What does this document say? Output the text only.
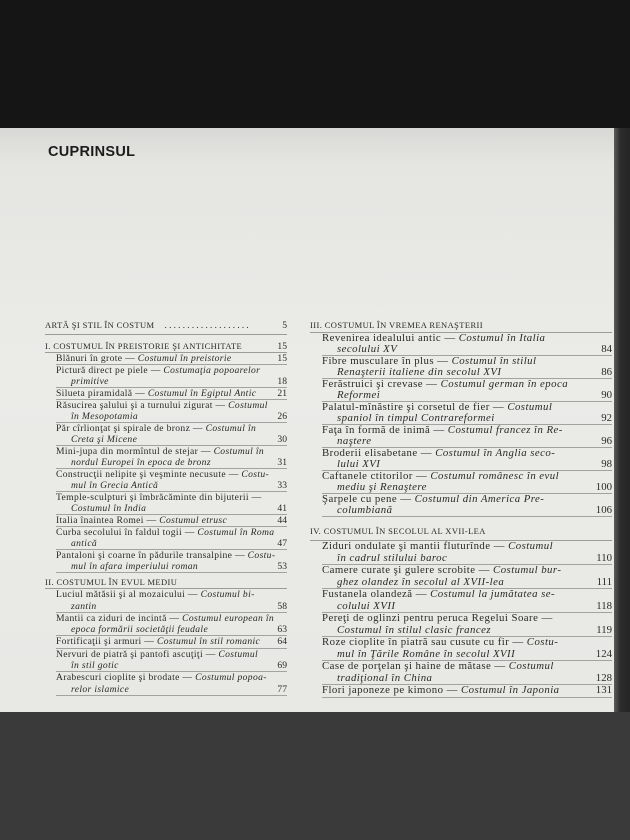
CUPRINSUL
ARTĂ ŞI STIL ÎN COSTUM ...................	5
I. COSTUMUL ÎN PREISTORIE ŞI ANTICHITATE	15
Blănuri în grote — Costumul în preistorie	15
Pictură direct pe piele — Costumaţia popoarelor
primitive	18
Silueta piramidală — Costumul în Egiptul Antic	21
Răsucirea şalului şi a turnului zigurat — Costumul
în Mesopotamia	26
Păr cîrlionţat şi spirale de bronz — Costumul în
Creta şi Micene	30
Mini-jupa din mormîntul de stejar — Costumul în
nordul Europei în epoca de bronz	31
Construcţii nelipite şi veşminte necusute — Costu-
mul în Grecia Antică	33
Temple-sculpturi şi îmbrăcăminte din bijuterii —
Costumul în India	41
Italia înaintea Romei — Costumul etrusc	44
Curba secolului în faldul togii — Costumul în Roma
antică	47
Pantaloni şi coarne în pădurile transalpine — Costu-
mul în afara imperiului roman	53
II. COSTUMUL ÎN EVUL MEDIU
Luciul mătăsii şi al mozaicului — Costumul bi-
zantin	58
Mantii ca ziduri de incintă — Costumul european în
epoca formării societăţii feudale	63
Fortificaţii şi armuri — Costumul în stil romanic	64
Nervuri de piatră şi pantofi ascuţiţi — Costumul
în stil gotic	69
Arabescuri cioplite şi brodate — Costumul popoa-
relor islamice	77
III. COSTUMUL ÎN VREMEA RENAŞTERII
Revenirea idealului antic — Costumul în Italia
secolului XV	84
Fibre musculare în plus — Costumul în stilul
Renaşterii italiene din secolul XVI	86
Ferăstruici şi crevase — Costumul german în epoca
Reformei	90
Palatul-mînăstire şi corsetul de fier — Costumul
spaniol în timpul Contrareformei	92
Faţa în formă de inimă — Costumul francez în Re-
naştere	96
Broderii elisabetane — Costumul în Anglia seco-
lului XVI	98
Caftanele ctitorilor — Costumul românesc în evul
mediu şi Renaştere	100
Şarpele cu pene — Costumul din America Pre-
columbiană	106
IV. COSTUMUL ÎN SECOLUL AL XVII-LEA
Ziduri ondulate şi mantii fluturînde — Costumul
în cadrul stilului baroc	110
Camere curate şi gulere scrobite — Costumul bur-
ghez olandez în secolul al XVII-lea	111
Fustanela olandeză — Costumul la jumătatea se-
colului XVII	118
Pereţi de oglinzi pentru peruca Regelui Soare —
Costumul în stilul clasic francez	119
Roze cioplite în piatră sau cusute cu fir — Costu-
mul în Ţările Române în secolul XVII	124
Case de porţelan şi haine de mătase — Costumul
tradiţional în China	128
Flori japoneze pe kimono — Costumul în Japonia	131
